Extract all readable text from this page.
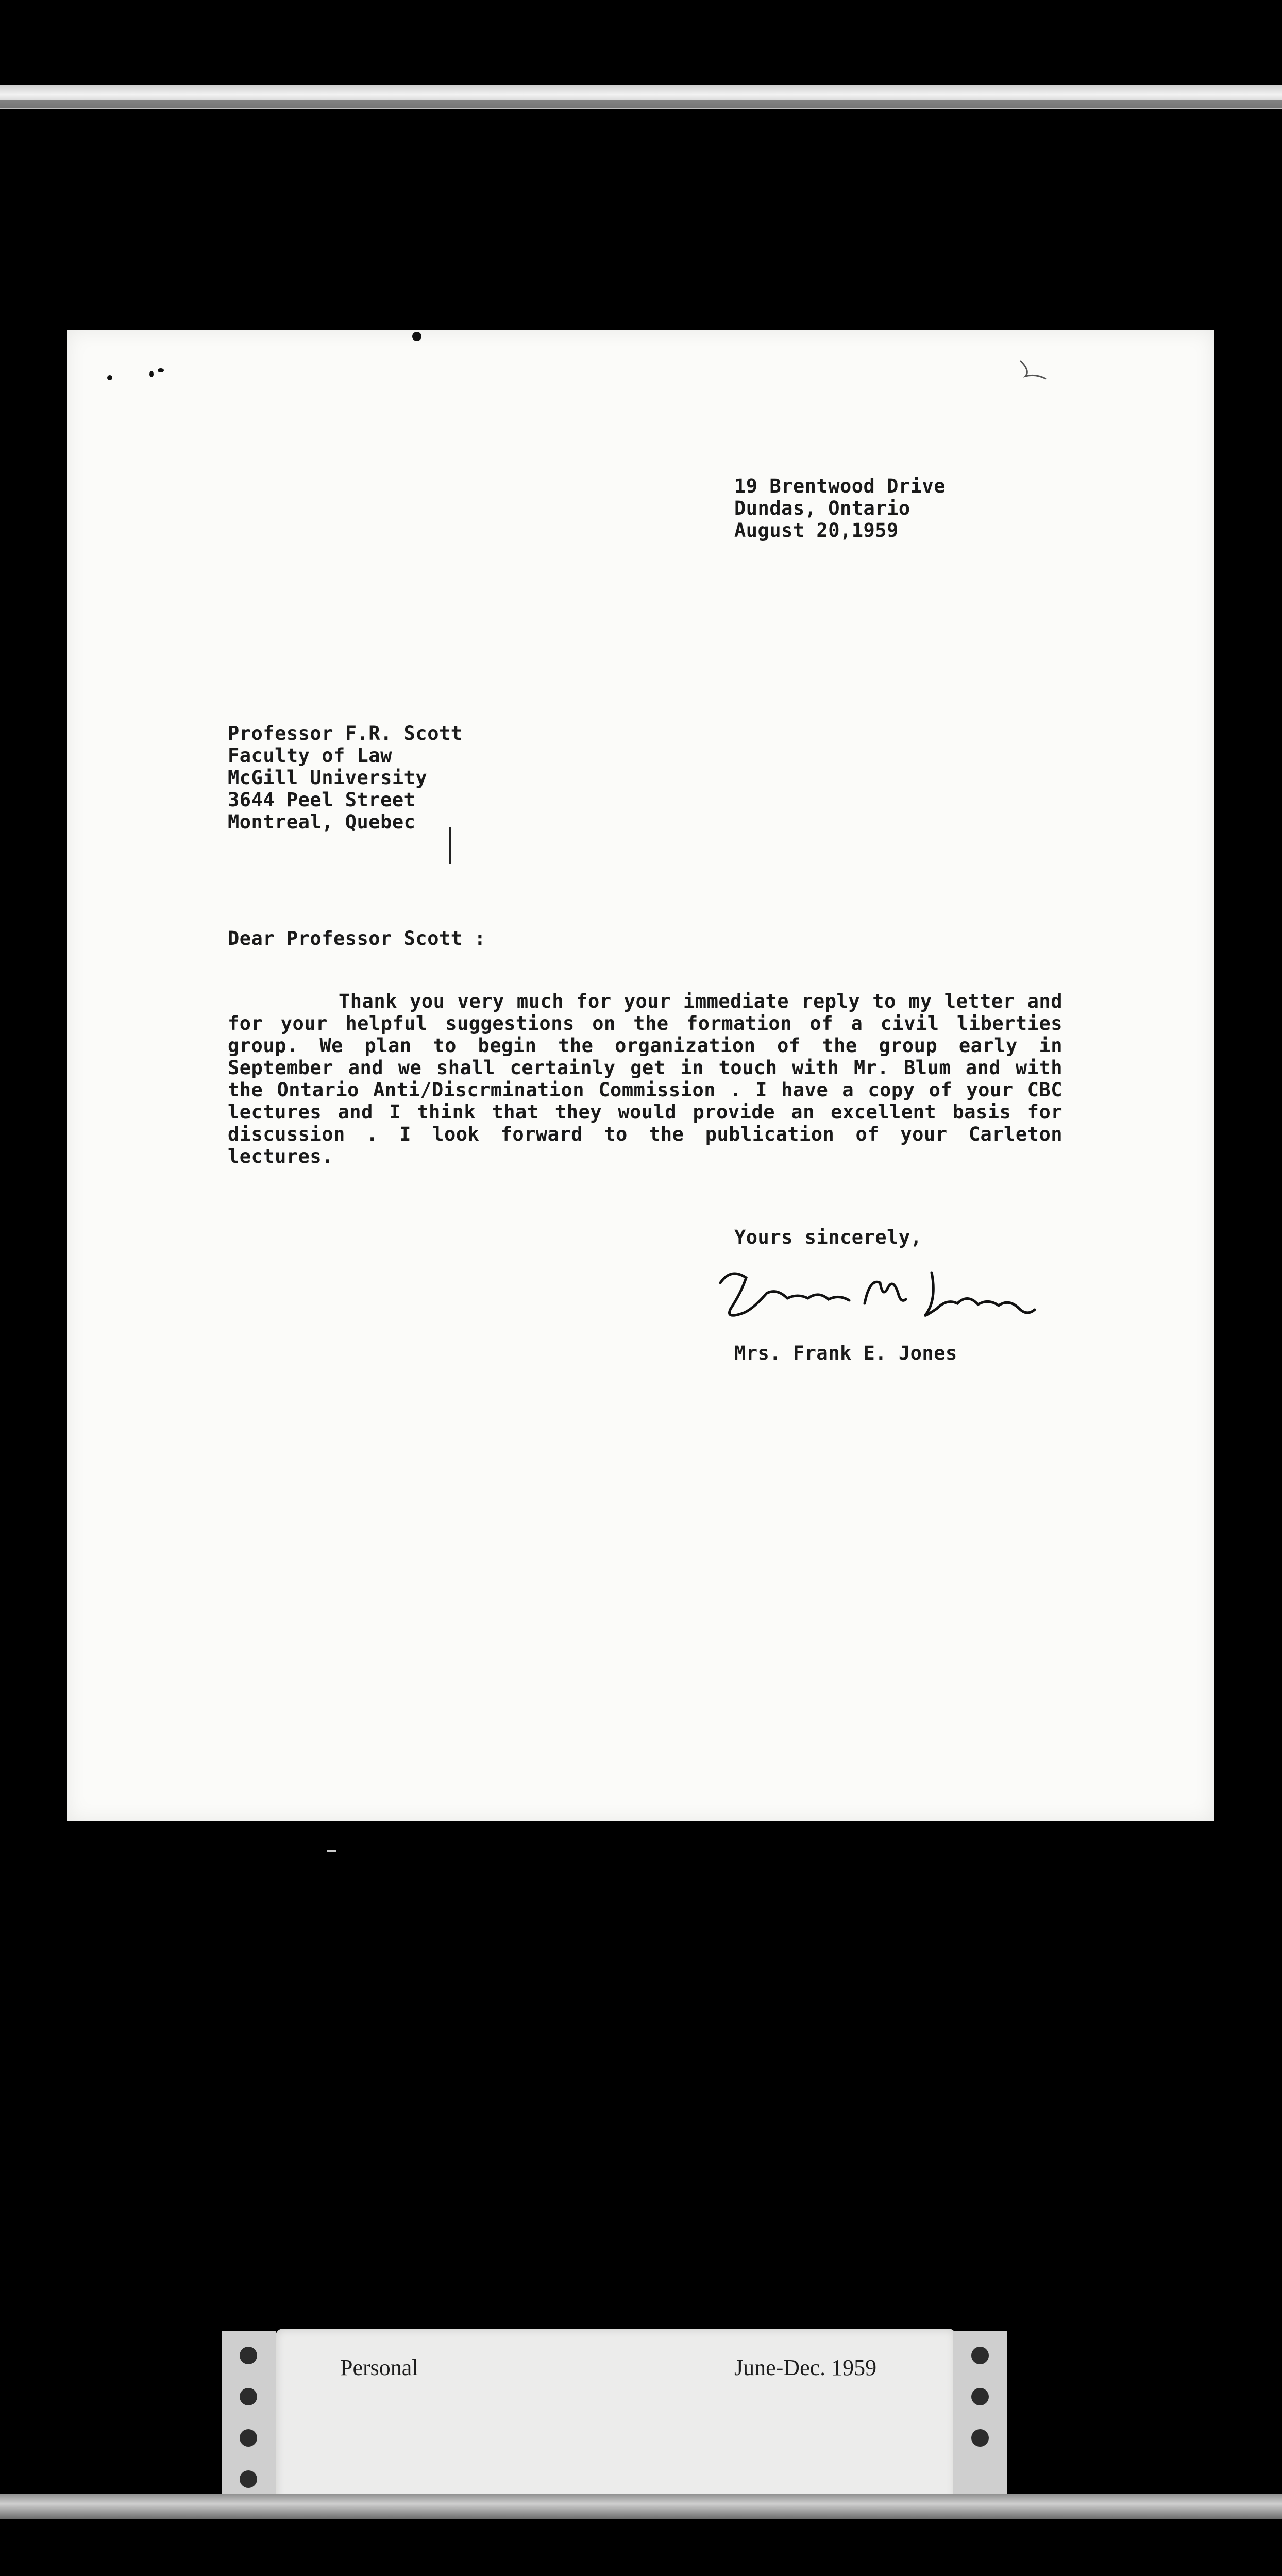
19 Brentwood Drive
Dundas, Ontario
August 20,1959
Professor F.R. Scott
Faculty of Law
McGill University
3644 Peel Street
Montreal, Quebec

Dear Professor Scott :

Thank you very much for your immediate reply to my letter and for your helpful suggestions on the formation of a civil liberties group. We plan to begin the organization of the group early in September and we shall certainly get in touch with Mr. Blum and with the Ontario Anti/Discrmination Commission . I have a copy of your CBC lectures and I think that they would provide an excellent basis for discussion . I look forward to the publication of your Carleton lectures.

Yours sincerely,

Mrs. Frank E. Jones

Personal	June-Dec. 1959
